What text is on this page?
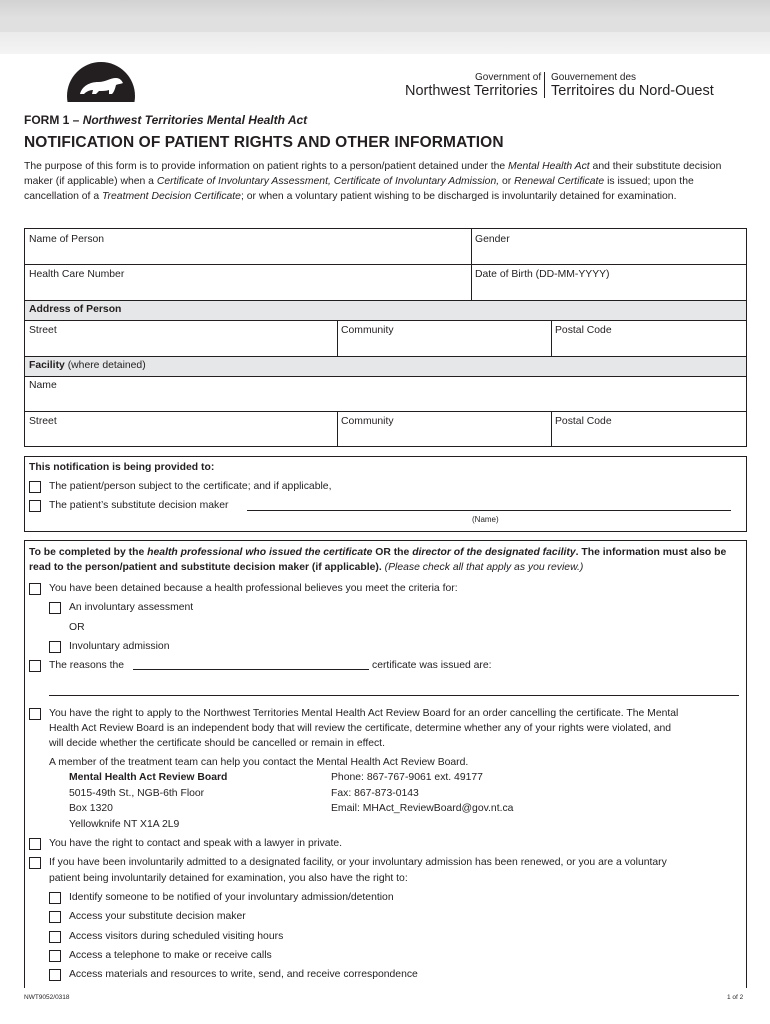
Government of
Northwest Territories
Gouvernement des
Territoires du Nord-Ouest
FORM 1 – Northwest Territories Mental Health Act
NOTIFICATION OF PATIENT RIGHTS AND OTHER INFORMATION
The purpose of this form is to provide information on patient rights to a person/patient detained under the Mental Health Act and their substitute decision maker (if applicable) when a Certificate of Involuntary Assessment, Certificate of Involuntary Admission, or Renewal Certificate is issued; upon the cancellation of a Treatment Decision Certificate; or when a voluntary patient wishing to be discharged is involuntarily detained for examination.
Name of Person	Gender
Health Care Number	Date of Birth (DD-MM-YYYY)
Address of Person
Street	Community	Postal Code
Facility (where detained)
Name
Street	Community	Postal Code
This notification is being provided to:
The patient/person subject to the certificate; and if applicable,
The patient’s substitute decision maker
(Name)
To be completed by the health professional who issued the certificate OR the director of the designated facility. The information must also be read to the person/patient and substitute decision maker (if applicable). (Please check all that apply as you review.)
You have been detained because a health professional believes you meet the criteria for:
An involuntary assessment
OR
Involuntary admission
The reasons the	certificate was issued are:
You have the right to apply to the Northwest Territories Mental Health Act Review Board for an order cancelling the certificate. The Mental
Health Act Review Board is an independent body that will review the certificate, determine whether any of your rights were violated, and
will decide whether the certificate should be cancelled or remain in effect.
A member of the treatment team can help you contact the Mental Health Act Review Board.
Mental Health Act Review Board
5015-49th St., NGB-6th Floor
Box 1320
Yellowknife NT X1A 2L9
Phone: 867-767-9061 ext. 49177
Fax: 867-873-0143
Email: MHAct_ReviewBoard@gov.nt.ca
You have the right to contact and speak with a lawyer in private.
If you have been involuntarily admitted to a designated facility, or your involuntary admission has been renewed, or you are a voluntary
patient being involuntarily detained for examination, you also have the right to:
Identify someone to be notified of your involuntary admission/detention
Access your substitute decision maker
Access visitors during scheduled visiting hours
Access a telephone to make or receive calls
Access materials and resources to write, send, and receive correspondence
NWT9052/0318	1 of 2
